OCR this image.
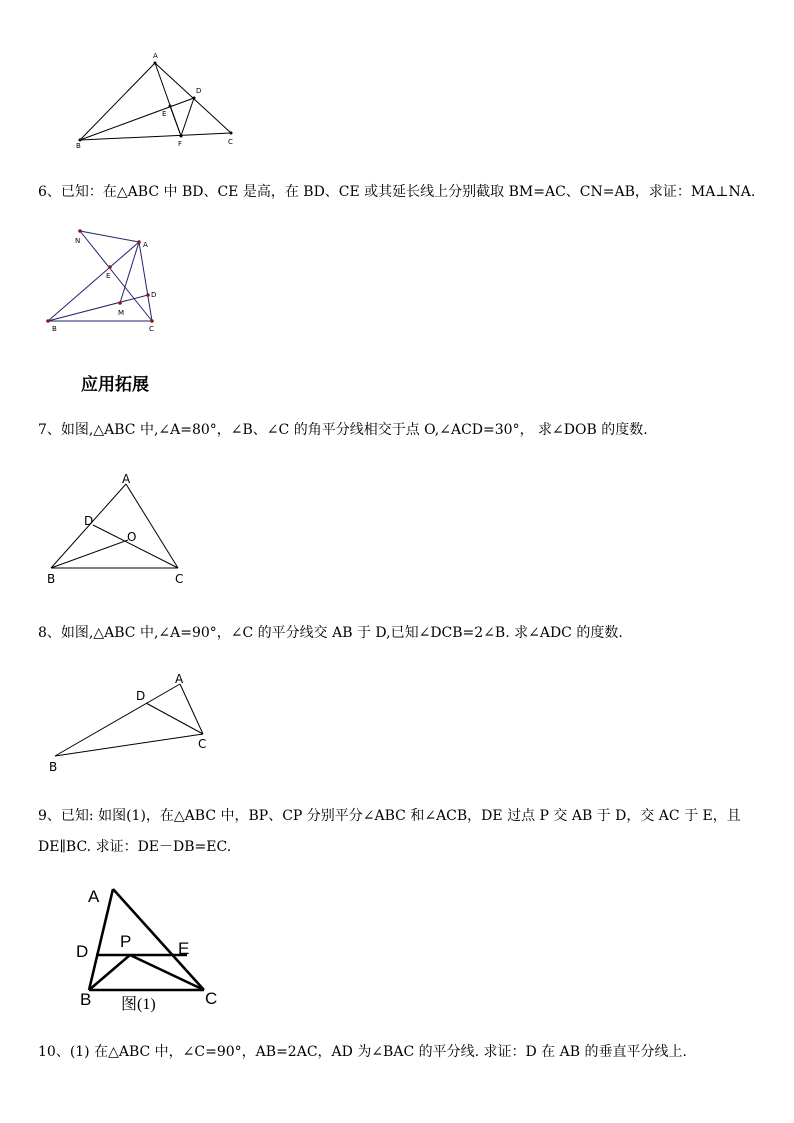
A
D
E
B	F	C
6、已知：在△ABC 中 BD、CE 是高，在 BD、CE 或其延长线上分别截取 BM=AC、CN=AB，求证：MA⊥NA.
N	A
E
D
M
B	C
应用拓展
7、如图,△ABC 中,∠A=80°，∠B、∠C 的角平分线相交于点 O,∠ACD=30°， 求∠DOB 的度数.
A
D
O
B	C
8、如图,△ABC 中,∠A=90°，∠C 的平分线交 AB 于 D,已知∠DCB=2∠B. 求∠ADC 的度数.
D
A
C
B
9、已知: 如图(1)，在△ABC 中，BP、CP 分别平分∠ABC 和∠ACB，DE 过点 P 交 AB 于 D，交 AC 于 E，且
DE∥BC. 求证：DE－DB=EC.
A
D
P	E
B	C
图(1)
10、(1) 在△ABC 中，∠C=90°，AB=2AC，AD 为∠BAC 的平分线. 求证：D 在 AB 的垂直平分线上.
